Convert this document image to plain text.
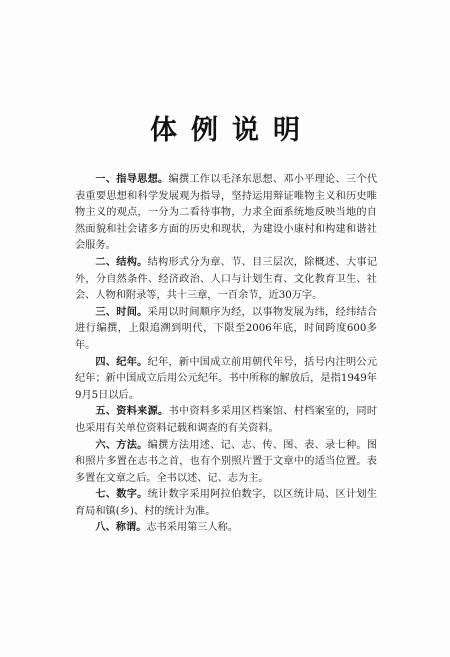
体例说明

一、指导思想。编撰工作以毛泽东思想、邓小平理论、三个代表重要思想和科学发展观为指导，坚持运用辩证唯物主义和历史唯物主义的观点，一分为二看待事物，力求全面系统地反映当地的自然面貌和社会诸多方面的历史和现状，为建设小康村和构建和谐社会服务。

二、结构。结构形式分为章、节、目三层次，除概述、大事记外，分自然条件、经济政治、人口与计划生育、文化教育卫生、社会、人物和附录等，共十三章，一百余节，近30万字。

三、时间。采用以时间顺序为经，以事物发展为纬，经纬结合进行编撰，上限追溯到明代，下限至2006年底，时间跨度600多年。

四、纪年。纪年，新中国成立前用朝代年号，括号内注明公元纪年；新中国成立后用公元纪年。书中所称的解放后，是指1949年9月5日以后。

五、资料来源。书中资料多采用区档案馆、村档案室的，同时也采用有关单位资料记载和调查的有关资料。

六、方法。编撰方法用述、记、志、传、图、表、录七种。图和照片多置在志书之首，也有个别照片置于文章中的适当位置。表多置在文章之后。全书以述、记、志为主。

七、数字。统计数字采用阿拉伯数字，以区统计局、区计划生育局和镇(乡)、村的统计为准。

八、称谓。志书采用第三人称。
